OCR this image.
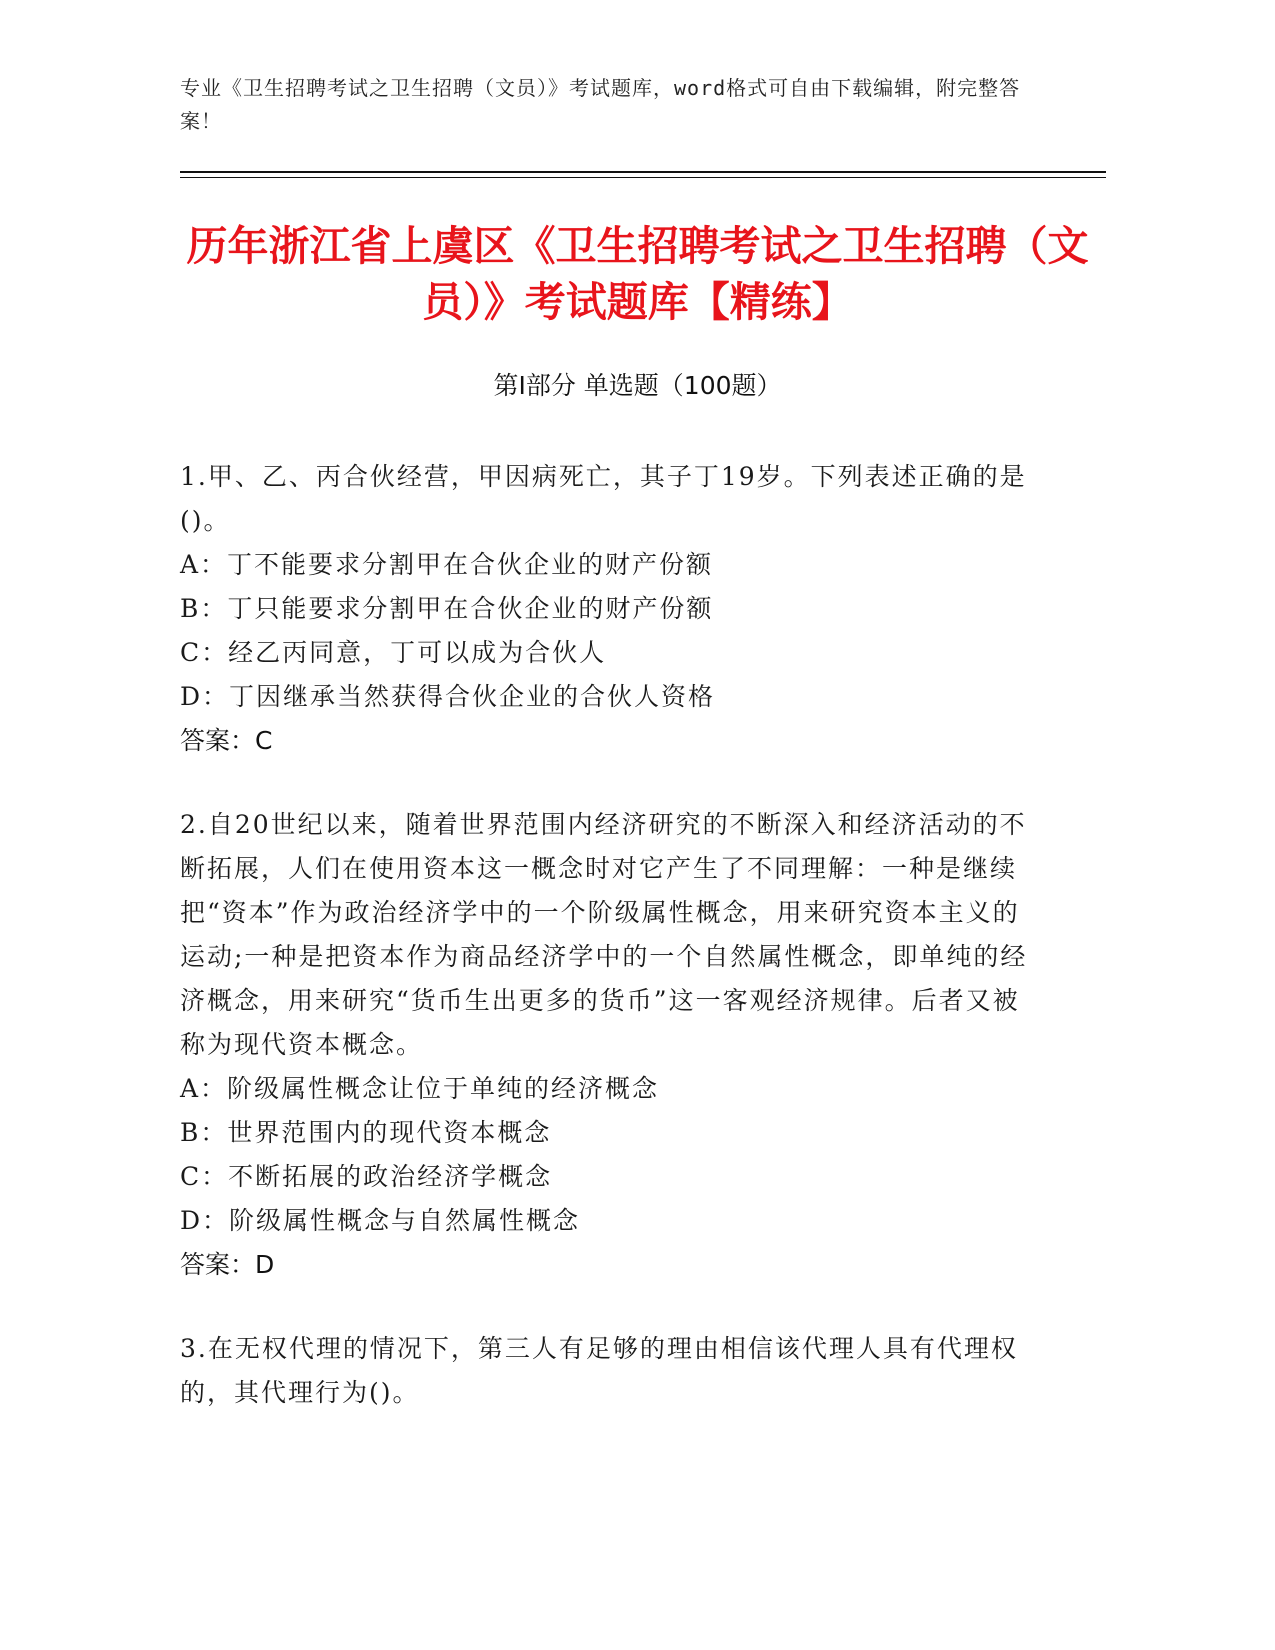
专业《卫生招聘考试之卫生招聘（文员）》考试题库，word格式可自由下载编辑，附完整答案！
历年浙江省上虞区《卫生招聘考试之卫生招聘（文员）》考试题库【精练】
第Ⅰ部分 单选题（100题）

1.甲、乙、丙合伙经营，甲因病死亡，其子丁19岁。下列表述正确的是()。

A：丁不能要求分割甲在合伙企业的财产份额

B：丁只能要求分割甲在合伙企业的财产份额

C：经乙丙同意，丁可以成为合伙人

D：丁因继承当然获得合伙企业的合伙人资格

答案：C

2.自20世纪以来，随着世界范围内经济研究的不断深入和经济活动的不断拓展，人们在使用资本这一概念时对它产生了不同理解：一种是继续把“资本”作为政治经济学中的一个阶级属性概念，用来研究资本主义的运动;一种是把资本作为商品经济学中的一个自然属性概念，即单纯的经济概念，用来研究“货币生出更多的货币”这一客观经济规律。后者又被称为现代资本概念。

A：阶级属性概念让位于单纯的经济概念

B：世界范围内的现代资本概念

C：不断拓展的政治经济学概念

D：阶级属性概念与自然属性概念

答案：D

3.在无权代理的情况下，第三人有足够的理由相信该代理人具有代理权的，其代理行为()。
